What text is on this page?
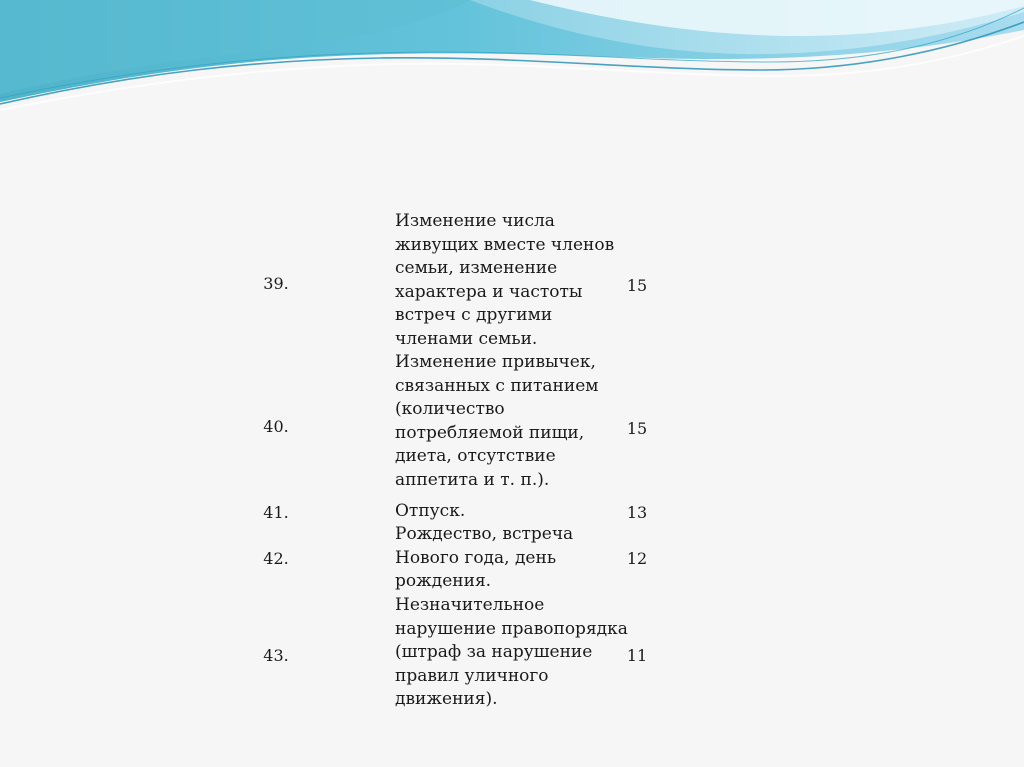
39.

Изменение числа
живущих вместе членов
семьи, изменение
характера и частоты
встреч с другими
членами семьи.

15
40.

Изменение привычек,
связанных с питанием
(количество
потребляемой пищи,
диета, отсутствие
аппетита и т. п.).

15
41.	Отпуск.	13
42.

Рождество, встреча
Нового года, день
рождения.

12
43.

Незначительное
нарушение правопорядка
(штраф за нарушение
правил уличного
движения).

11
